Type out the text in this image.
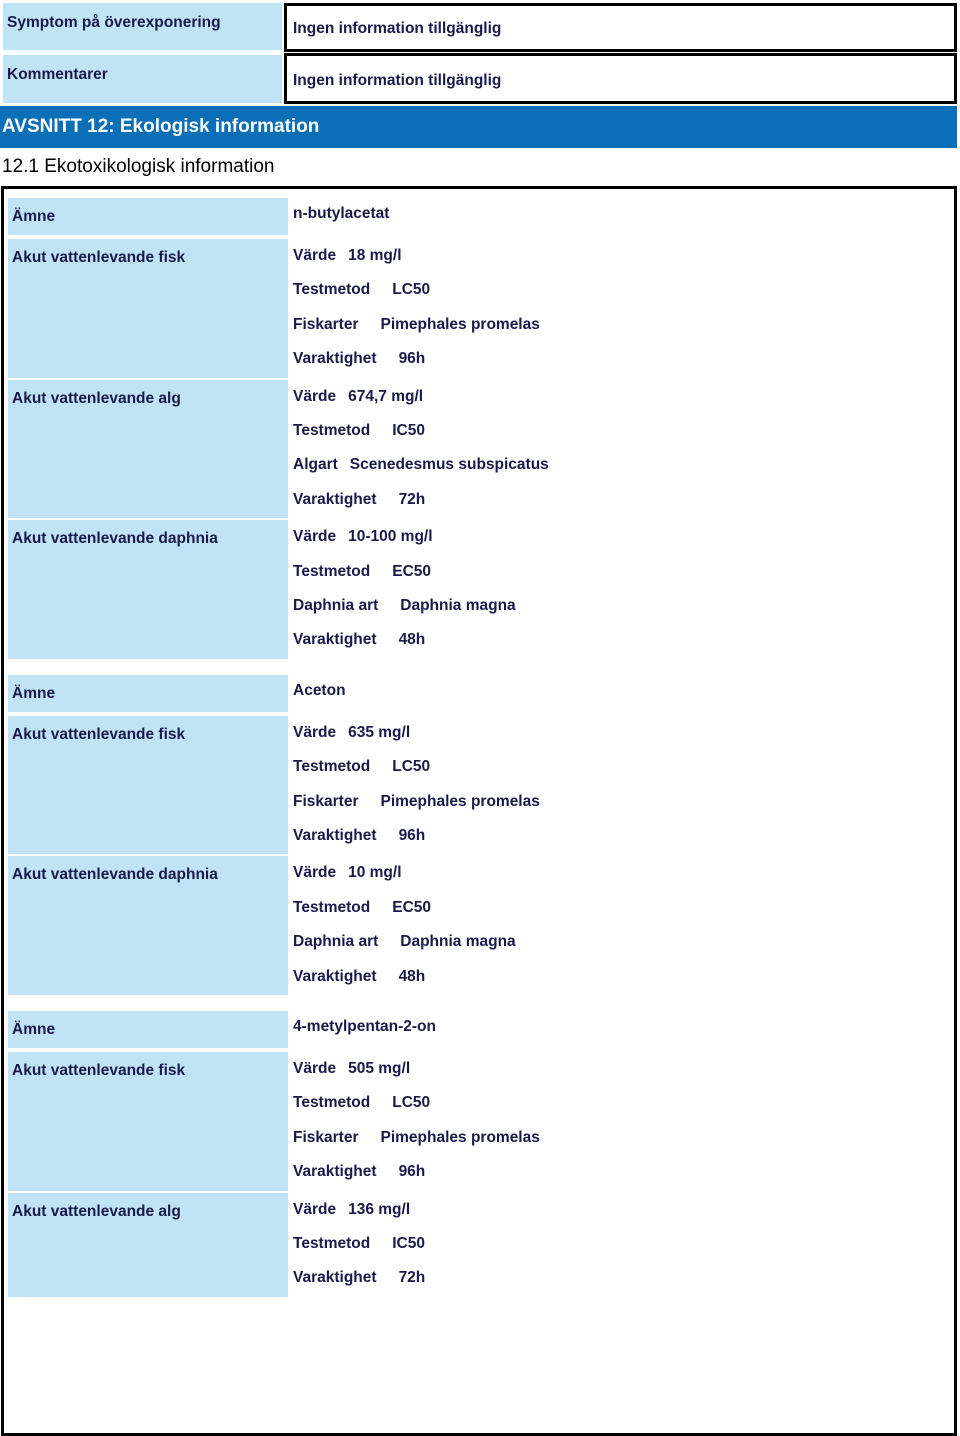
Symptom på överexponering	Ingen information tillgänglig
Kommentarer	Ingen information tillgänglig
AVSNITT 12: Ekologisk information
12.1 Ekotoxikologisk information
Ämne	n-butylacetat
Akut vattenlevande fisk	Värde 18 mg/l
Testmetod LC50
Fiskarter Pimephales promelas
Varaktighet 96h
Akut vattenlevande alg	Värde 674,7 mg/l
Testmetod IC50
Algart Scenedesmus subspicatus
Varaktighet 72h
Akut vattenlevande daphnia	Värde 10-100 mg/l
Testmetod EC50
Daphnia art Daphnia magna
Varaktighet 48h
Ämne	Aceton
Akut vattenlevande fisk	Värde 635 mg/l
Testmetod LC50
Fiskarter Pimephales promelas
Varaktighet 96h
Akut vattenlevande daphnia	Värde 10 mg/l
Testmetod EC50
Daphnia art Daphnia magna
Varaktighet 48h
Ämne	4-metylpentan-2-on
Akut vattenlevande fisk	Värde 505 mg/l
Testmetod LC50
Fiskarter Pimephales promelas
Varaktighet 96h
Akut vattenlevande alg	Värde 136 mg/l
Testmetod IC50
Varaktighet 72h
